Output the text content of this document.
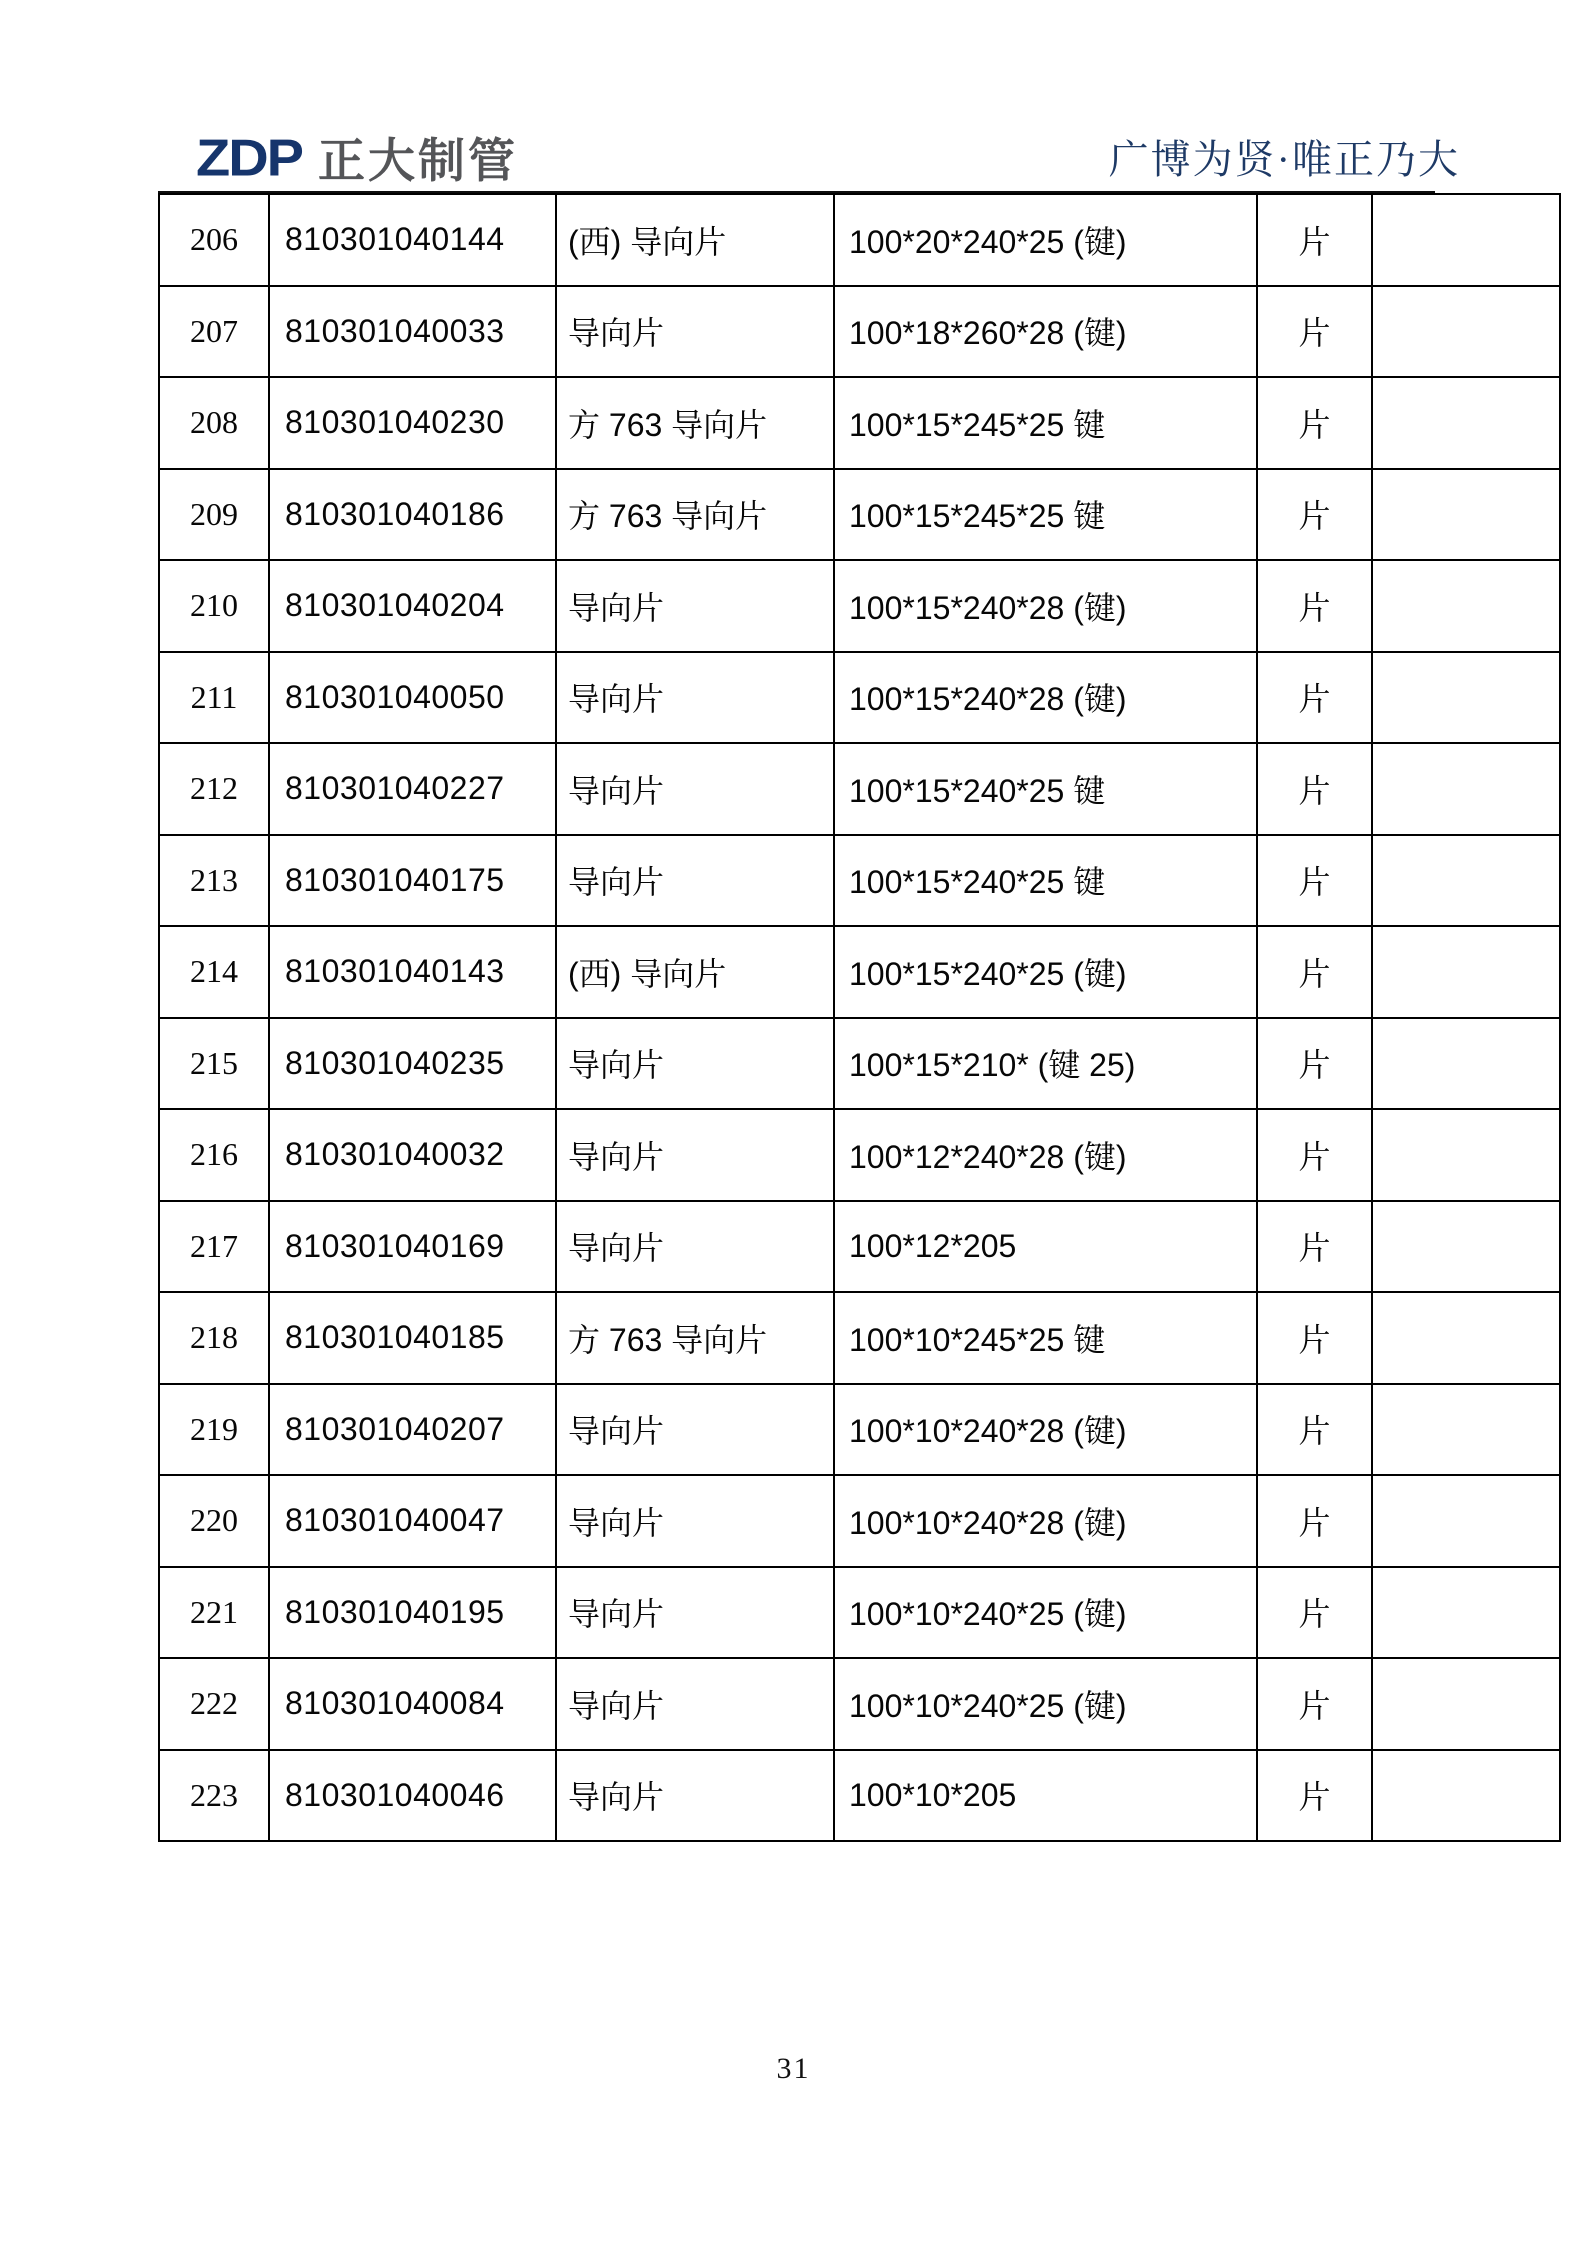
ZDP 正大制管	广博为贤·唯正乃大
206	810301040144	(西) 导向片	100*20*240*25 (键)	片	
207	810301040033	导向片	100*18*260*28 (键)	片	
208	810301040230	方 763 导向片	100*15*245*25 键	片	
209	810301040186	方 763 导向片	100*15*245*25 键	片	
210	810301040204	导向片	100*15*240*28 (键)	片	
211	810301040050	导向片	100*15*240*28 (键)	片	
212	810301040227	导向片	100*15*240*25 键	片	
213	810301040175	导向片	100*15*240*25 键	片	
214	810301040143	(西) 导向片	100*15*240*25 (键)	片	
215	810301040235	导向片	100*15*210* (键 25)	片	
216	810301040032	导向片	100*12*240*28 (键)	片	
217	810301040169	导向片	100*12*205	片	
218	810301040185	方 763 导向片	100*10*245*25 键	片	
219	810301040207	导向片	100*10*240*28 (键)	片	
220	810301040047	导向片	100*10*240*28 (键)	片	
221	810301040195	导向片	100*10*240*25 (键)	片	
222	810301040084	导向片	100*10*240*25 (键)	片	
223	810301040046	导向片	100*10*205	片	
31
